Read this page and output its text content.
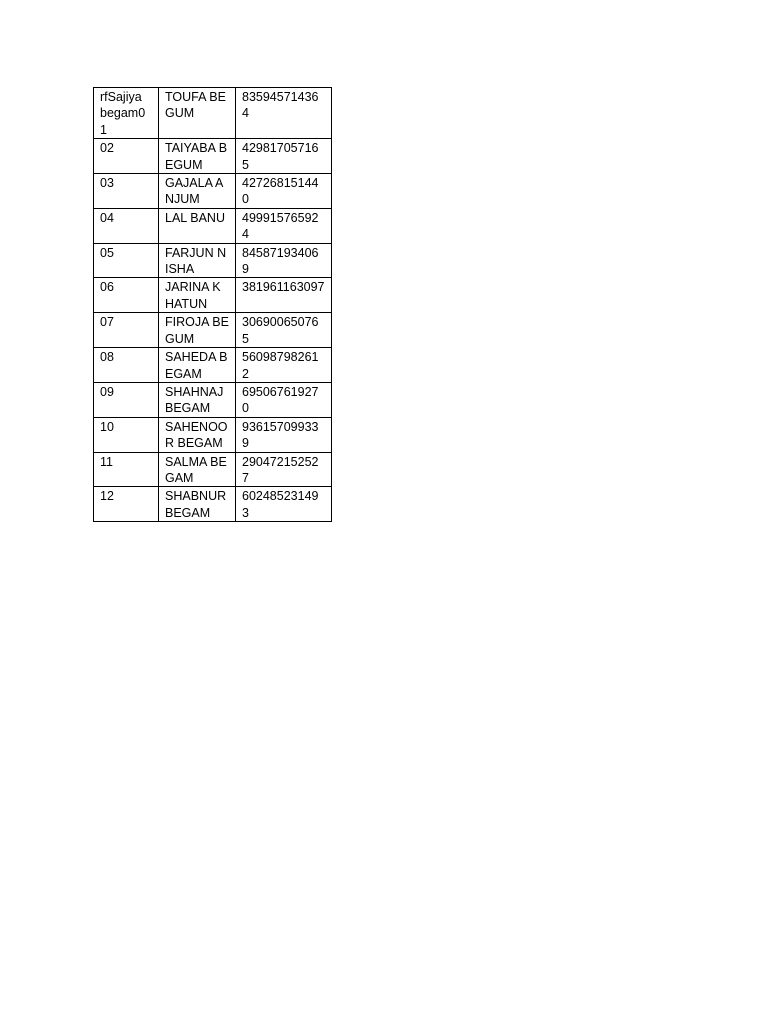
rfSajiya begam01	TOUFA BEGUM	835945714364
02	TAIYABA BEGUM	429817057165
03	GAJALA ANJUM	427268151440
04	LAL BANU	499915765924
05	FARJUN NISHA	845871934069
06	JARINA KHATUN	381961163097
07	FIROJA BEGUM	306900650765
08	SAHEDA BEGAM	560987982612
09	SHAHNAJ BEGAM	695067619270
10	SAHENOOR BEGAM	936157099339
11	SALMA BEGAM	290472152527
12	SHABNUR BEGAM	602485231493
